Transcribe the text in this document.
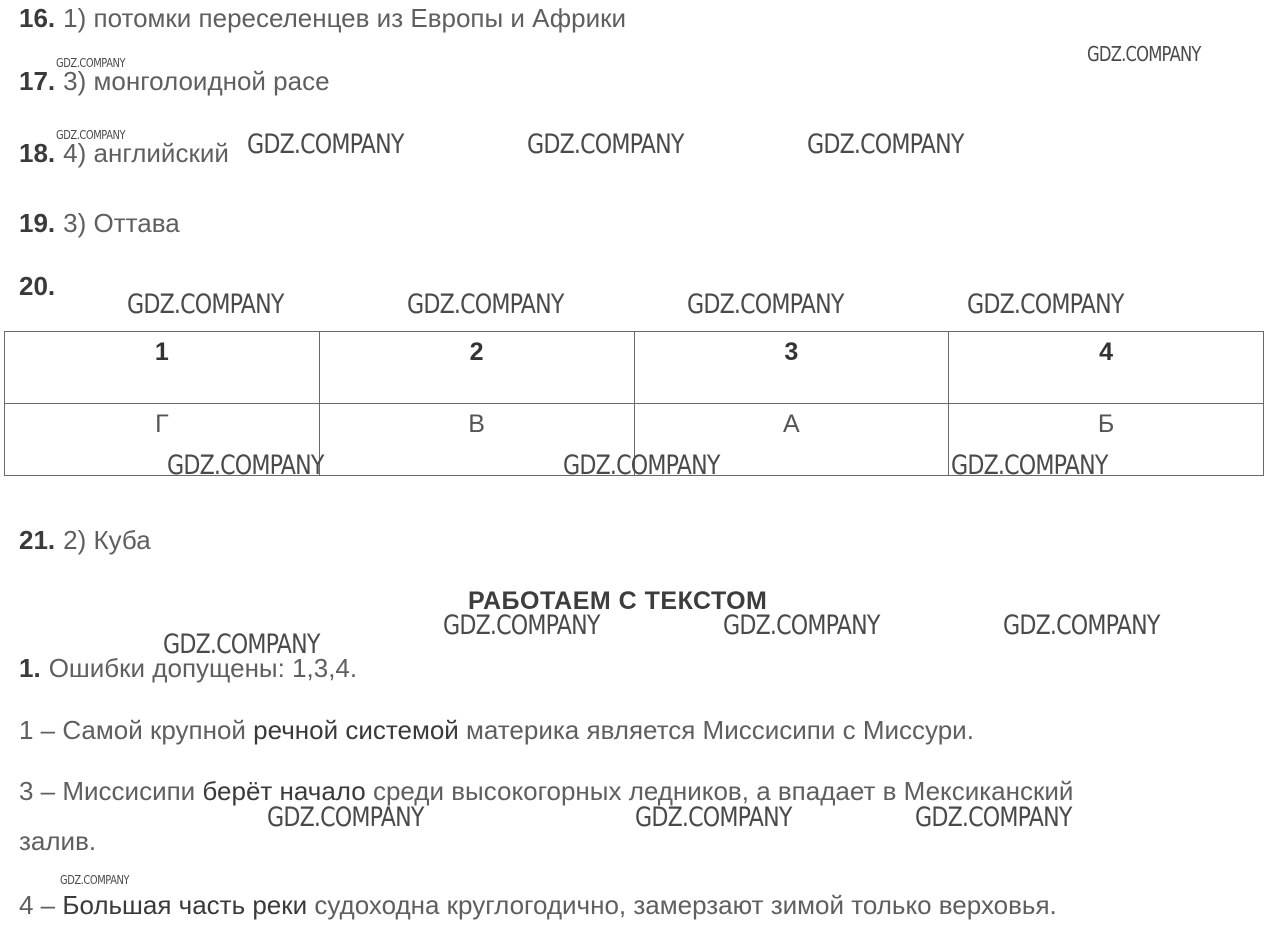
16. 1) потомки переселенцев из Европы и Африки
17. 3) монголоидной расе
18. 4) английский
19. 3) Оттава
20.
1	2	3	4
Г	В	А	Б
21. 2) Куба
РАБОТАЕМ С ТЕКСТОМ
1. Ошибки допущены: 1,3,4.
1 – Самой крупной речной системой материка является Миссисипи с Миссури.
3 – Миссисипи берёт начало среди высокогорных ледников, а впадает в Мексиканский
залив.
4 – Большая часть реки судоходна круглогодично, замерзают зимой только верховья.
GDZ.COMPANY	GDZ.COMPANY
GDZ.COMPANY	GDZ.COMPANY	GDZ.COMPANY	GDZ.COMPANY
GDZ.COMPANY	GDZ.COMPANY	GDZ.COMPANY	GDZ.COMPANY
GDZ.COMPANY	GDZ.COMPANY	GDZ.COMPANY
GDZ.COMPANY
GDZ.COMPANY	GDZ.COMPANY	GDZ.COMPANY
GDZ.COMPANY	GDZ.COMPANY	GDZ.COMPANY
GDZ.COMPANY
